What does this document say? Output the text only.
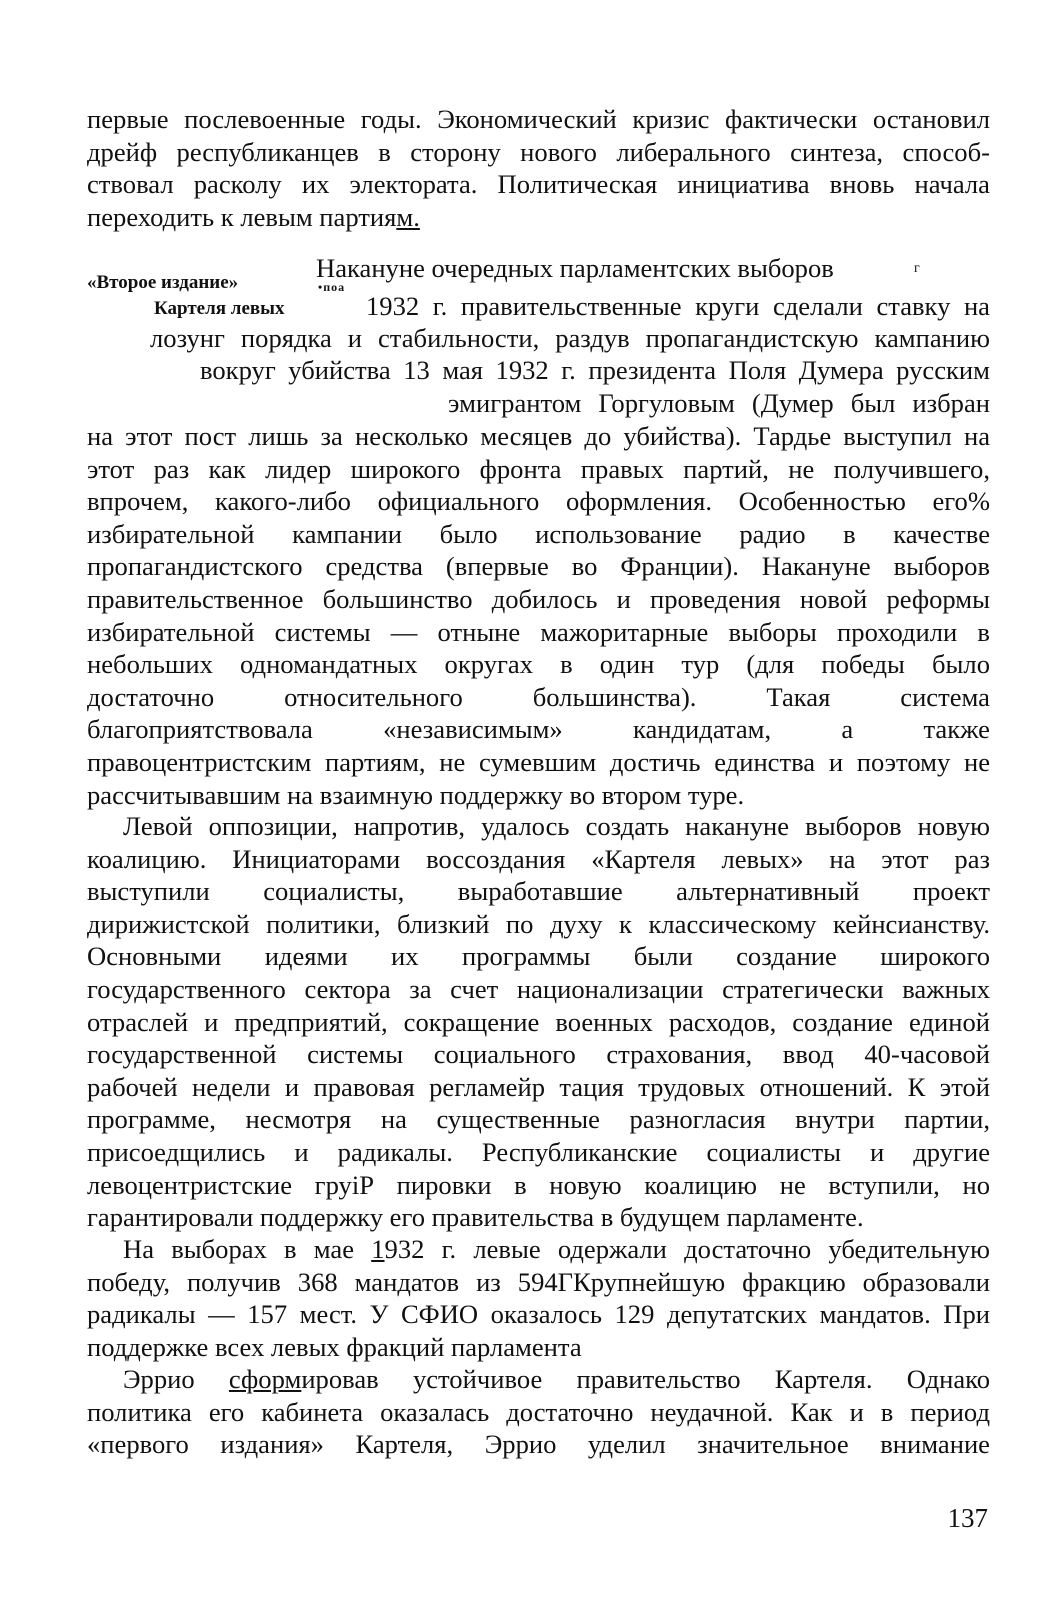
первые послевоенные годы. Экономический кризис фактически остановил
дрейф республиканцев в сторону нового либерального синтеза, способ-
ствовал расколу их электората. Политическая инициатива вновь начала
переходить к левым партиям.
«Второе издание»
Картеля левых
•поа
Накануне очередных парламентских выборов	г
1932 г. правительственные круги сделали ставку на
лозунг порядка и стабильности, раздув пропагандистскую кампанию
вокруг убийства 13 мая 1932 г. президента Поля Думера русским
эмигрантом Горгуловым (Думер был избран
на этот пост лишь за несколько месяцев до убийства). Тардье выступил на
этот раз как лидер широкого фронта правых партий, не получившего,
впрочем, какого-либо официального оформления. Особенностью его%
избирательной кампании было использование радио в качестве
пропагандистского средства (впервые во Франции). Накануне выборов
правительственное большинство добилось и проведения новой реформы
избирательной системы — отныне мажоритарные выборы проходили в
небольших одномандатных округах в один тур (для победы было
достаточно относительного большинства). Такая система
благоприятствовала «независимым» кандидатам, а также
правоцентристским партиям, не сумевшим достичь единства и поэтому не
рассчитывавшим на взаимную поддержку во втором туре.
Левой оппозиции, напротив, удалось создать накануне выборов новую
коалицию. Инициаторами воссоздания «Картеля левых» на этот раз
выступили социалисты, выработавшие альтернативный проект
дирижистской политики, близкий по духу к классическому кейнсианству.
Основными идеями их программы были создание широкого
государственного сектора за счет национализации стратегически важных
отраслей и предприятий, сокращение военных расходов, создание единой
государственной системы социального страхования, ввод 40-часовой
рабочей недели и правовая регламейр тация трудовых отношений. К этой
программе, несмотря на существенные разногласия внутри партии,
присоедщились и радикалы. Республиканские социалисты и другие
левоцентристские груіР пировки в новую коалицию не вступили, но
гарантировали поддержку его правительства в будущем парламенте.
На выборах в мае 1932 г. левые одержали достаточно убедительную
победу, получив 368 мандатов из 594ГКрупнейшую фракцию образовали
радикалы — 157 мест. У СФИО оказалось 129 депутатских мандатов. При
поддержке всех левых фракций парламента
Эррио сформировав устойчивое правительство Картеля. Однако
политика его кабинета оказалась достаточно неудачной. Как и в период
«первого издания» Картеля, Эррио уделил значительное внимание
137
